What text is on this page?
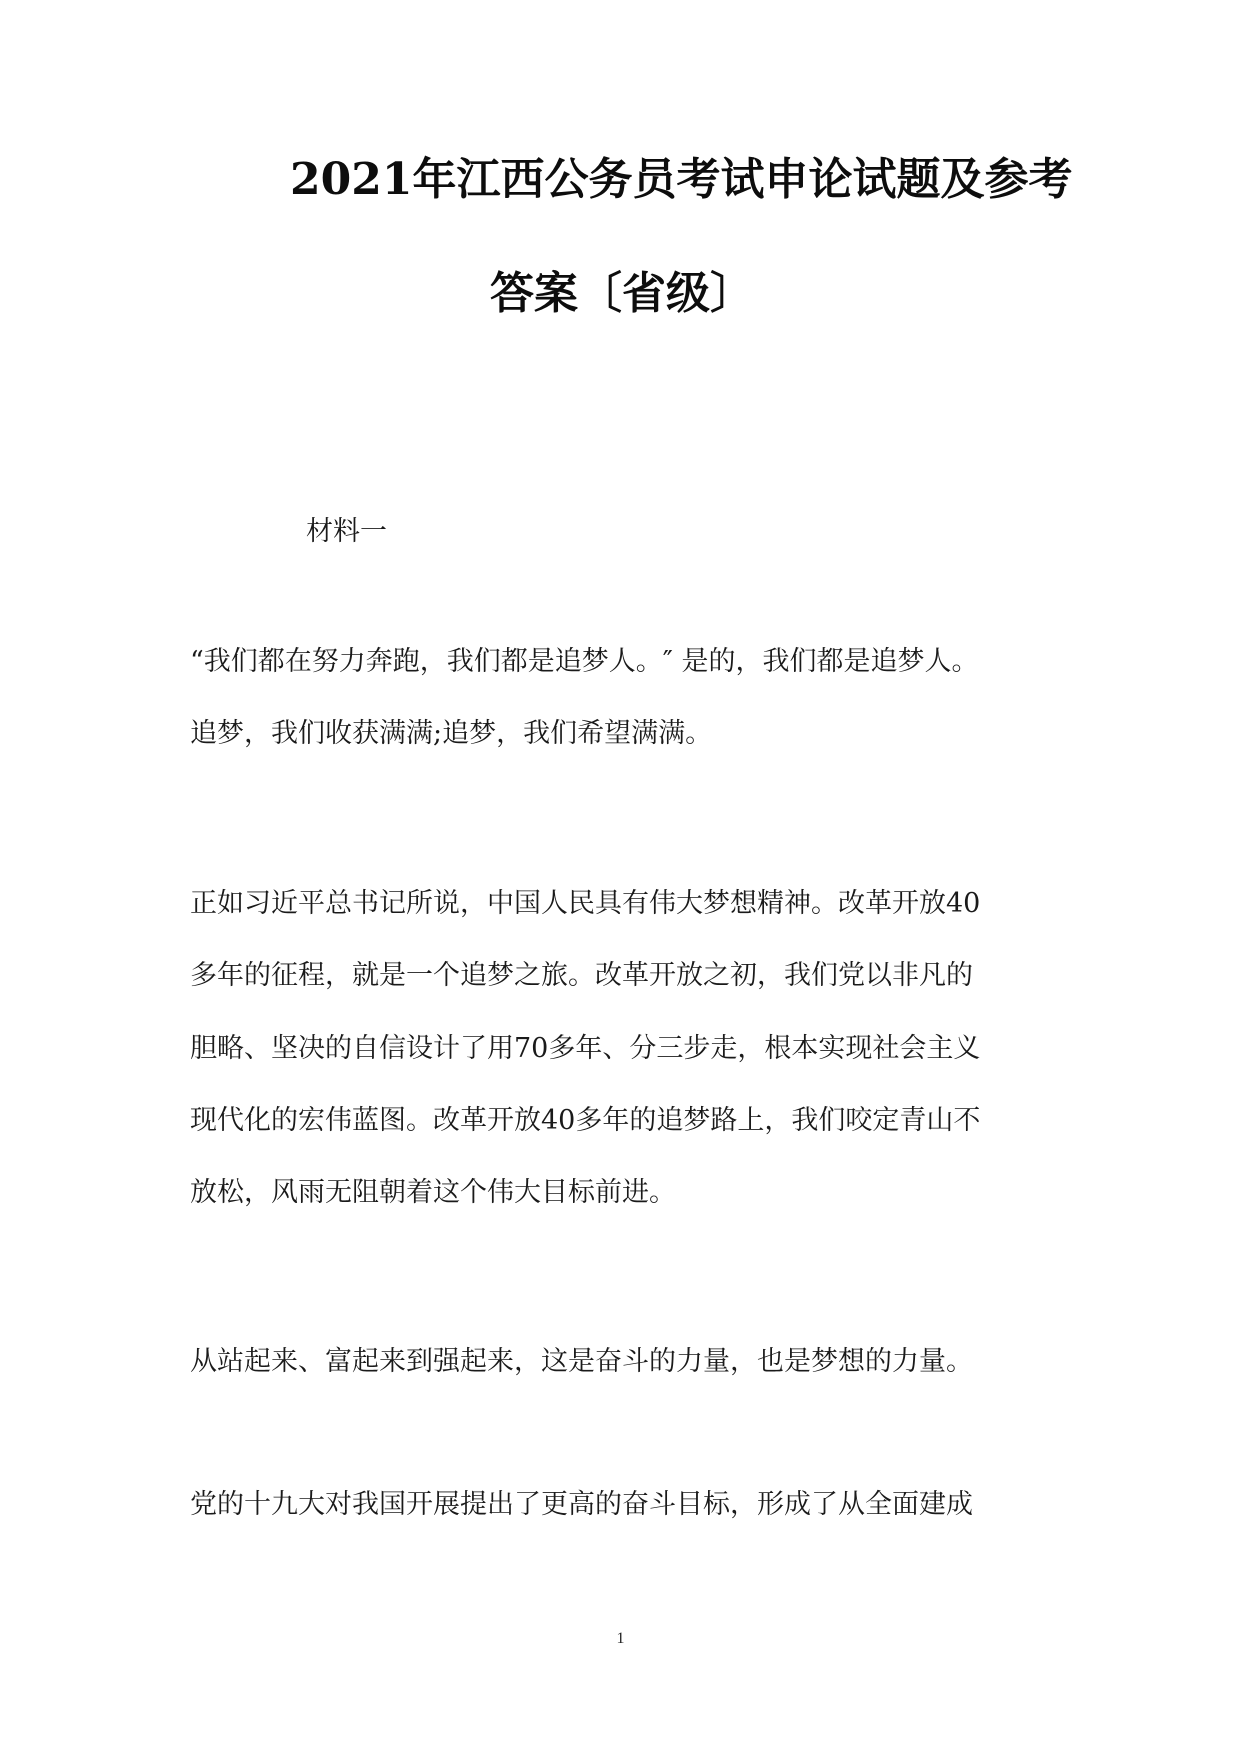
2021年江西公务员考试申论试题及参考
答案〔省级〕
材料一
“我们都在努力奔跑，我们都是追梦人。″ 是的，我们都是追梦人。
追梦，我们收获满满;追梦，我们希望满满。
正如习近平总书记所说，中国人民具有伟大梦想精神。改革开放40
多年的征程，就是一个追梦之旅。改革开放之初，我们党以非凡的
胆略、坚决的自信设计了用70多年、分三步走，根本实现社会主义
现代化的宏伟蓝图。改革开放40多年的追梦路上，我们咬定青山不
放松，风雨无阻朝着这个伟大目标前进。
从站起来、富起来到强起来，这是奋斗的力量，也是梦想的力量。
党的十九大对我国开展提出了更高的奋斗目标，形成了从全面建成
1
